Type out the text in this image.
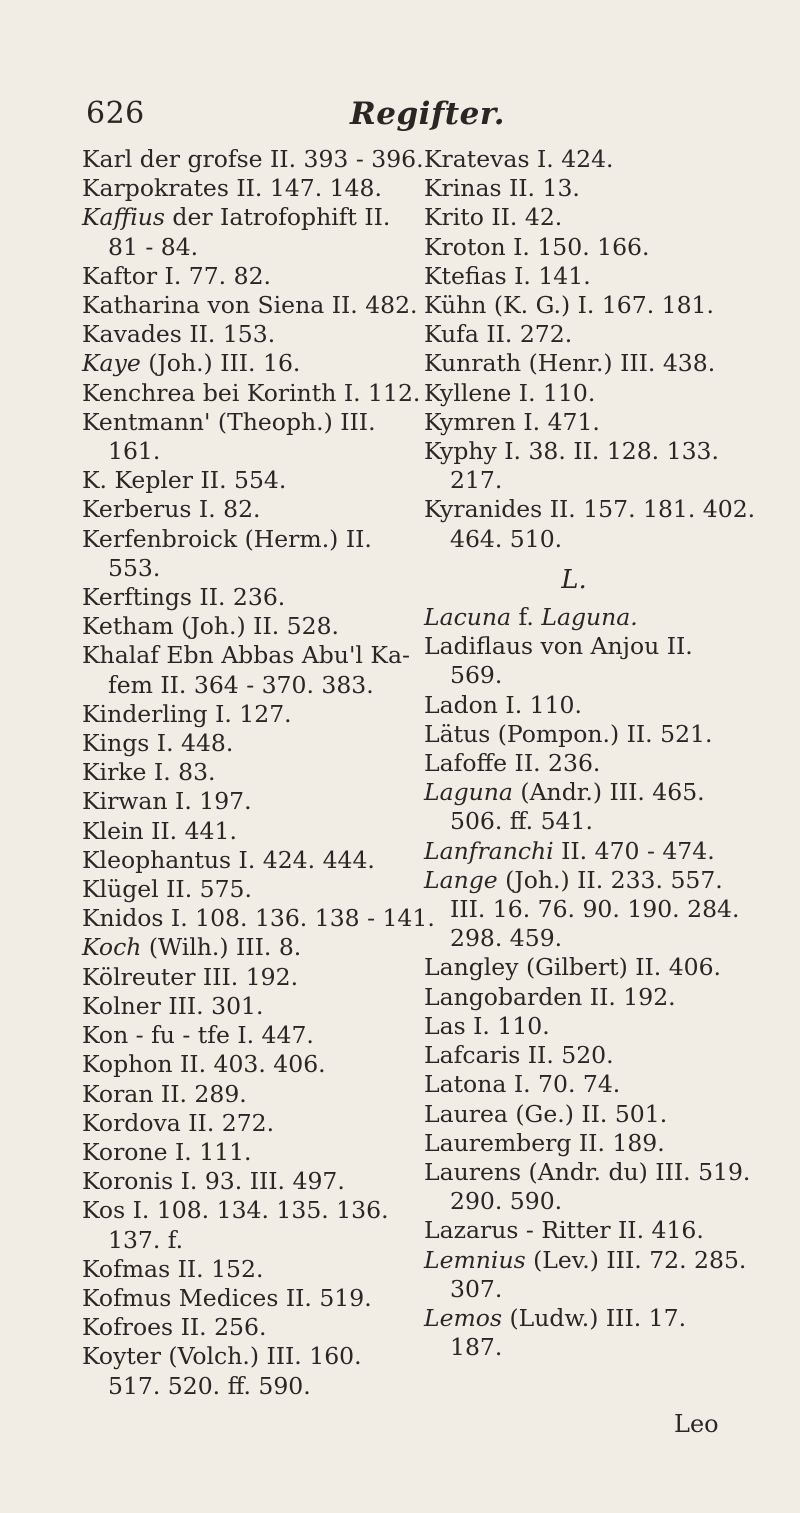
626	Regifter.
Karl der grofse II. 393 - 396.
Karpokrates II. 147. 148.
Kaffius der Iatrofophift II.
81 - 84.
Kaftor I. 77. 82.
Katharina von Siena II. 482.
Kavades II. 153.
Kaye (Joh.) III. 16.
Kenchrea bei Korinth I. 112.
Kentmann' (Theoph.) III.
161.
K. Kepler II. 554.
Kerberus I. 82.
Kerfenbroick (Herm.) II.
553.
Kerftings II. 236.
Ketham (Joh.) II. 528.
Khalaf Ebn Abbas Abu'l Ka-
fem II. 364 - 370. 383.
Kinderling I. 127.
Kings I. 448.
Kirke I. 83.
Kirwan I. 197.
Klein II. 441.
Kleophantus I. 424. 444.
Klügel II. 575.
Knidos I. 108. 136. 138 - 141.
Koch (Wilh.) III. 8.
Kölreuter III. 192.
Kolner III. 301.
Kon - fu - tfe I. 447.
Kophon II. 403. 406.
Koran II. 289.
Kordova II. 272.
Korone I. 111.
Koronis I. 93. III. 497.
Kos I. 108. 134. 135. 136.
137. f.
Kofmas II. 152.
Kofmus Medices II. 519.
Kofroes II. 256.
Koyter (Volch.) III. 160.
517. 520. ff. 590.
Kratevas I. 424.
Krinas II. 13.
Krito II. 42.
Kroton I. 150. 166.
Ktefias I. 141.
Kühn (K. G.) I. 167. 181.
Kufa II. 272.
Kunrath (Henr.) III. 438.
Kyllene I. 110.
Kymren I. 471.
Kyphy I. 38. II. 128. 133.
217.
Kyranides II. 157. 181. 402.
464. 510.
L.
Lacuna f. Laguna.
Ladiflaus von Anjou II.
569.
Ladon I. 110.
Lätus (Pompon.) II. 521.
Lafoffe II. 236.
Laguna (Andr.) III. 465.
506. ff. 541.
Lanfranchi II. 470 - 474.
Lange (Joh.) II. 233. 557.
III. 16. 76. 90. 190. 284.
298. 459.
Langley (Gilbert) II. 406.
Langobarden II. 192.
Las I. 110.
Lafcaris II. 520.
Latona I. 70. 74.
Laurea (Ge.) II. 501.
Lauremberg II. 189.
Laurens (Andr. du) III. 519.
290. 590.
Lazarus - Ritter II. 416.
Lemnius (Lev.) III. 72. 285.
307.
Lemos (Ludw.) III. 17.
187.
Leo
